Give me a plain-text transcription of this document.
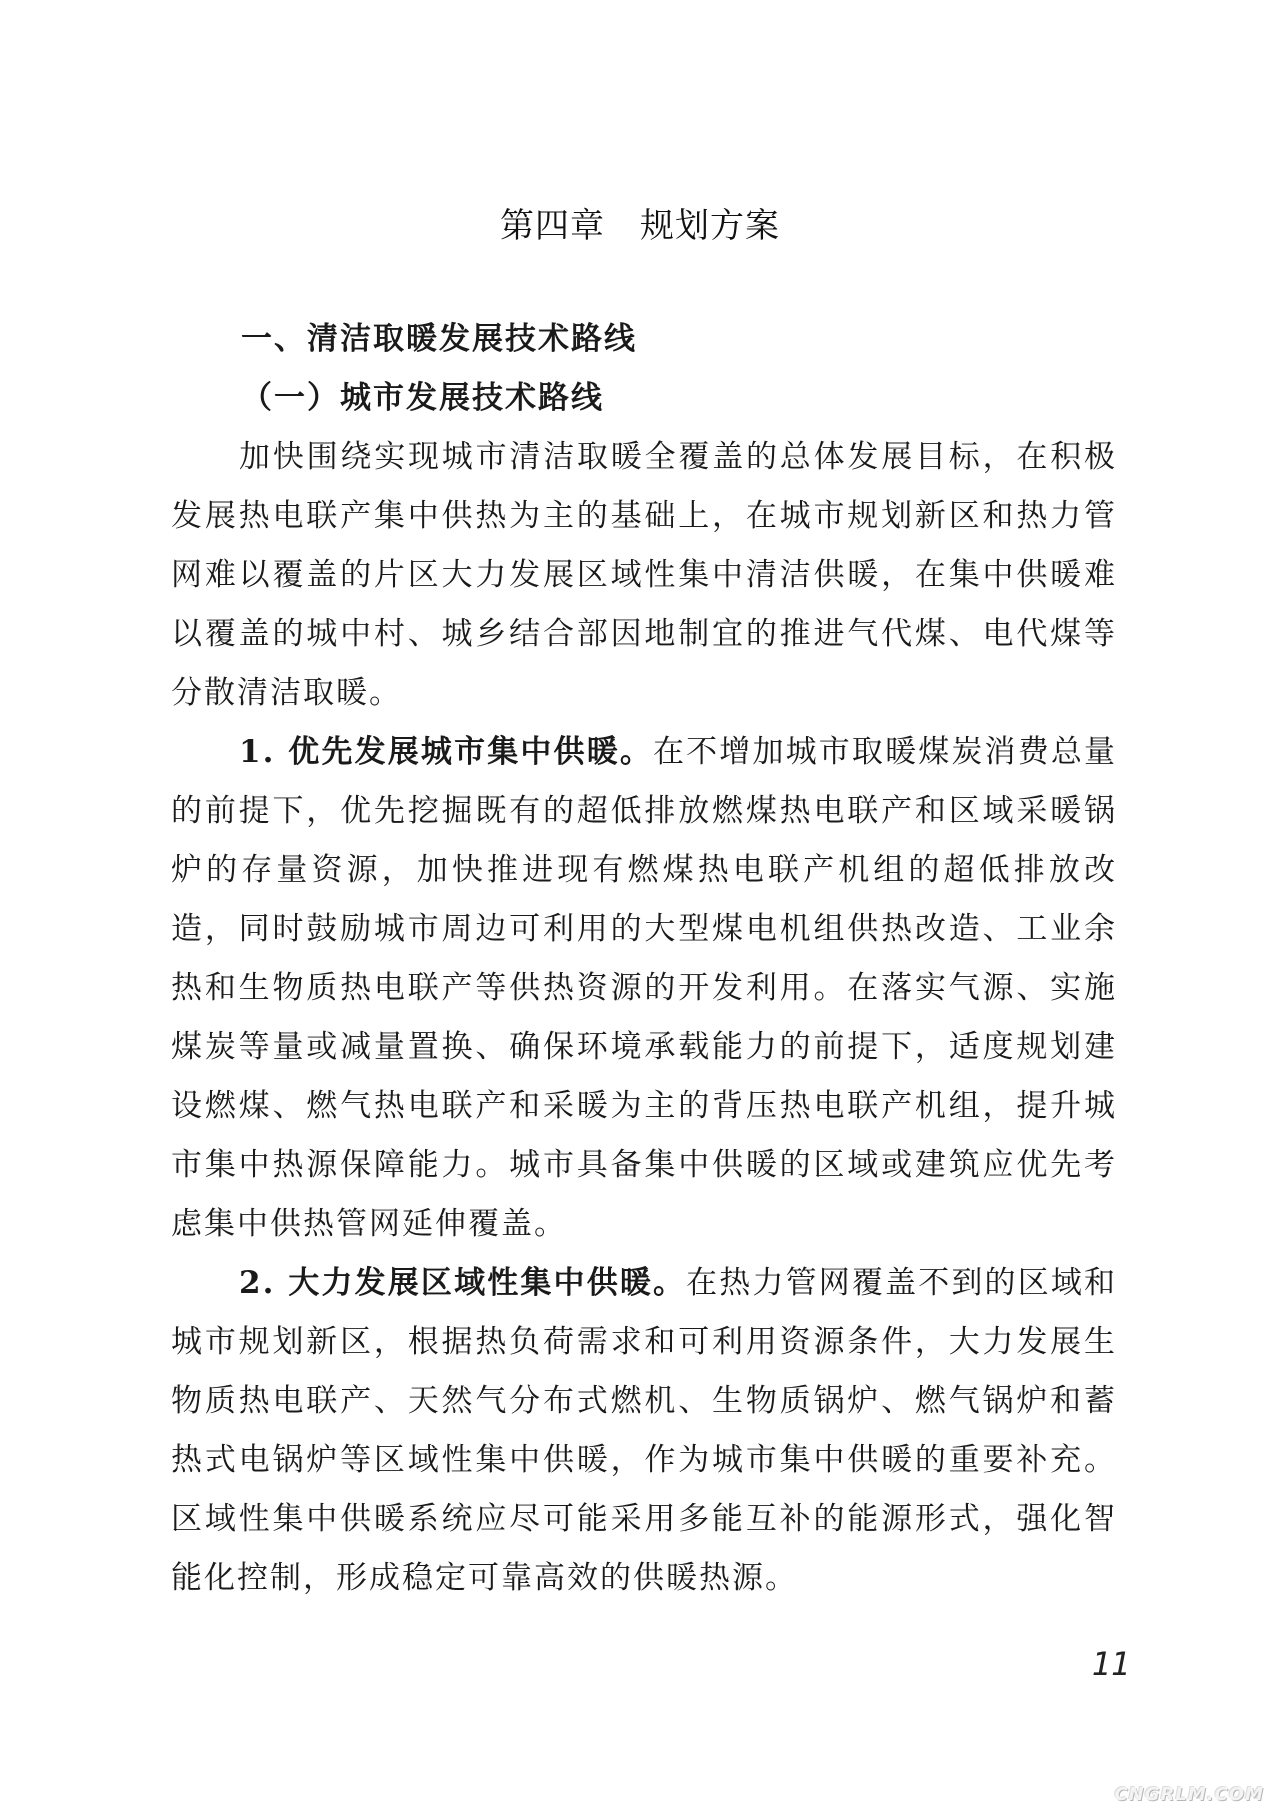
第四章　规划方案

一、清洁取暖发展技术路线

（一）城市发展技术路线

加快围绕实现城市清洁取暖全覆盖的总体发展目标，在积极发展热电联产集中供热为主的基础上，在城市规划新区和热力管网难以覆盖的片区大力发展区域性集中清洁供暖，在集中供暖难以覆盖的城中村、城乡结合部因地制宜的推进气代煤、电代煤等分散清洁取暖。

1. 优先发展城市集中供暖。在不增加城市取暖煤炭消费总量的前提下，优先挖掘既有的超低排放燃煤热电联产和区域采暖锅炉的存量资源，加快推进现有燃煤热电联产机组的超低排放改造，同时鼓励城市周边可利用的大型煤电机组供热改造、工业余热和生物质热电联产等供热资源的开发利用。在落实气源、实施煤炭等量或减量置换、确保环境承载能力的前提下，适度规划建设燃煤、燃气热电联产和采暖为主的背压热电联产机组，提升城市集中热源保障能力。城市具备集中供暖的区域或建筑应优先考虑集中供热管网延伸覆盖。

2. 大力发展区域性集中供暖。在热力管网覆盖不到的区域和城市规划新区，根据热负荷需求和可利用资源条件，大力发展生物质热电联产、天然气分布式燃机、生物质锅炉、燃气锅炉和蓄热式电锅炉等区域性集中供暖，作为城市集中供暖的重要补充。区域性集中供暖系统应尽可能采用多能互补的能源形式，强化智能化控制，形成稳定可靠高效的供暖热源。

11
CNGRLM.COM
